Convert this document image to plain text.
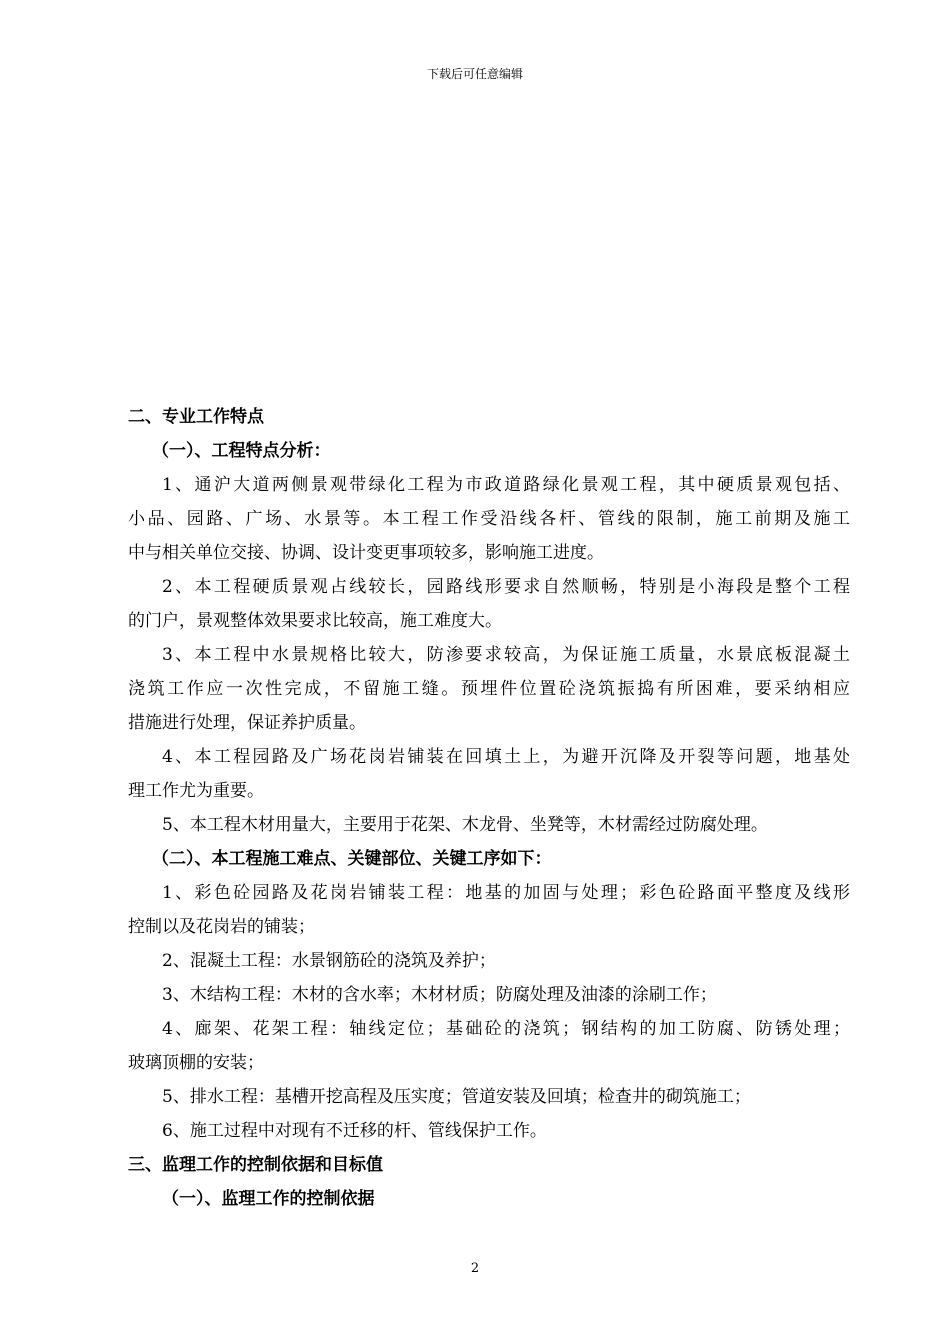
下载后可任意编辑
二、专业工作特点
（一）、工程特点分析：
1、通沪大道两侧景观带绿化工程为市政道路绿化景观工程，其中硬质景观包括、
小品、园路、广场、水景等。本工程工作受沿线各杆、管线的限制，施工前期及施工
中与相关单位交接、协调、设计变更事项较多，影响施工进度。
2、本工程硬质景观占线较长，园路线形要求自然顺畅，特别是小海段是整个工程
的门户，景观整体效果要求比较高，施工难度大。
3、本工程中水景规格比较大，防渗要求较高，为保证施工质量，水景底板混凝土
浇筑工作应一次性完成，不留施工缝。预埋件位置砼浇筑振捣有所困难，要采纳相应
措施进行处理，保证养护质量。
4、本工程园路及广场花岗岩铺装在回填土上，为避开沉降及开裂等问题，地基处
理工作尤为重要。
5、本工程木材用量大，主要用于花架、木龙骨、坐凳等，木材需经过防腐处理。
（二）、本工程施工难点、关键部位、关键工序如下：
1、彩色砼园路及花岗岩铺装工程：地基的加固与处理；彩色砼路面平整度及线形
控制以及花岗岩的铺装；
2、混凝土工程：水景钢筋砼的浇筑及养护；
3、木结构工程：木材的含水率；木材材质；防腐处理及油漆的涂刷工作；
4、廊架、花架工程：轴线定位；基础砼的浇筑；钢结构的加工防腐、防锈处理；
玻璃顶棚的安装；
5、排水工程：基槽开挖高程及压实度；管道安装及回填；检查井的砌筑施工；
6、施工过程中对现有不迁移的杆、管线保护工作。
三、监理工作的控制依据和目标值
（一）、监理工作的控制依据
2
